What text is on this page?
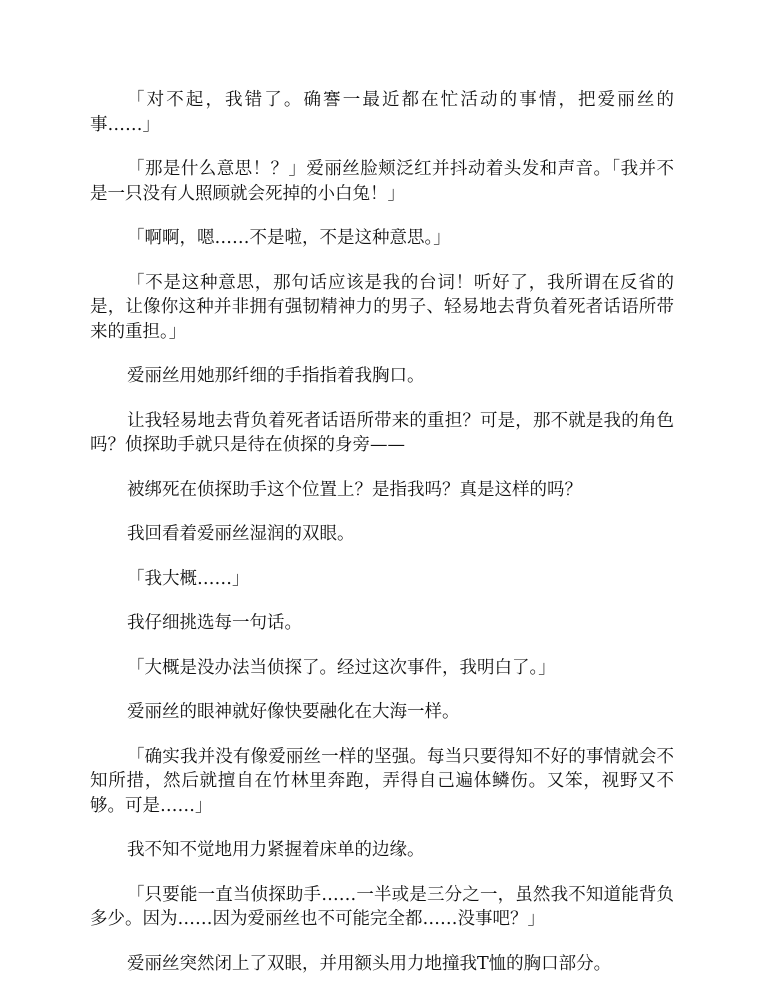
「对不起，我错了。确謇一最近都在忙活动的事情，把爱丽丝的事……」

「那是什么意思！？」爱丽丝脸颊泛红并抖动着头发和声音。「我并不是一只没有人照顾就会死掉的小白兔！」

「啊啊，嗯……不是啦，不是这种意思。」

「不是这种意思，那句话应该是我的台词！听好了，我所谓在反省的是，让像你这种并非拥有强韧精神力的男子、轻易地去背负着死者话语所带来的重担。」

爱丽丝用她那纤细的手指指着我胸口。

让我轻易地去背负着死者话语所带来的重担？可是，那不就是我的角色吗？侦探助手就只是待在侦探的身旁——

被绑死在侦探助手这个位置上？是指我吗？真是这样的吗？

我回看着爱丽丝湿润的双眼。

「我大概……」

我仔细挑选每一句话。

「大概是没办法当侦探了。经过这次事件，我明白了。」

爱丽丝的眼神就好像快要融化在大海一样。

「确实我并没有像爱丽丝一样的坚强。每当只要得知不好的事情就会不知所措，然后就擅自在竹林里奔跑，弄得自己遍体鳞伤。又笨，视野又不够。可是……」

我不知不觉地用力紧握着床单的边缘。

「只要能一直当侦探助手……一半或是三分之一，虽然我不知道能背负多少。因为……因为爱丽丝也不可能完全都……没事吧？」

爱丽丝突然闭上了双眼，并用额头用力地撞我T恤的胸口部分。
